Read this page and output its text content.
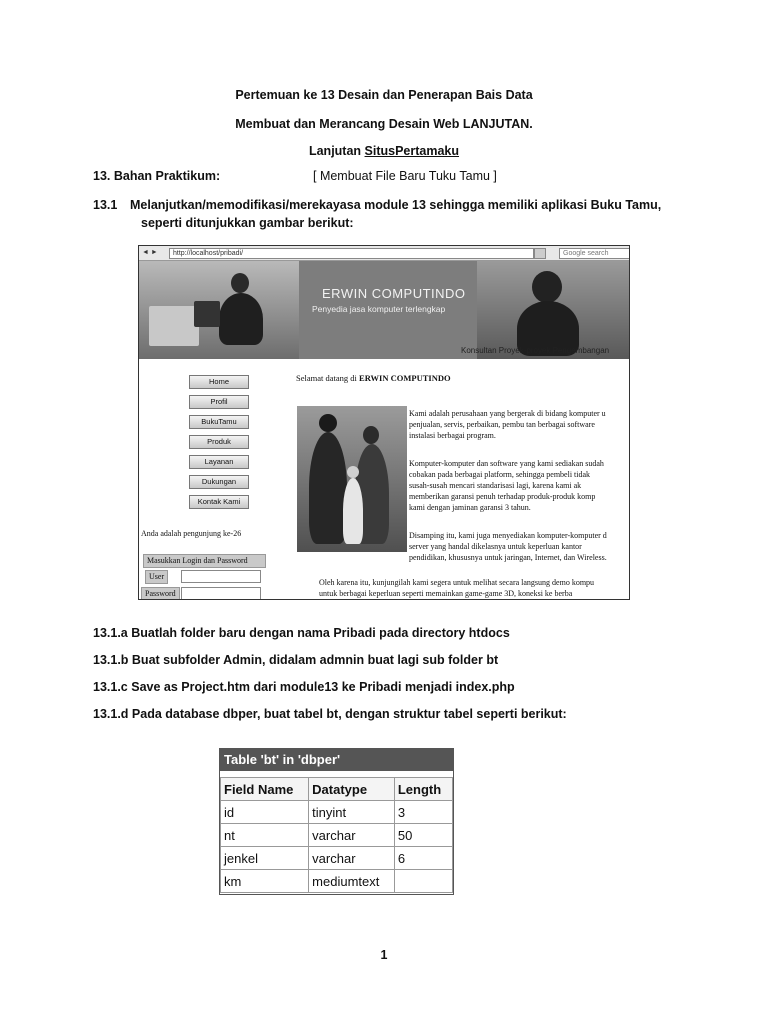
Pertemuan ke 13 Desain dan Penerapan Bais Data
Membuat dan Merancang Desain Web LANJUTAN.
Lanjutan SitusPertamaku
13. Bahan Praktikum:	[ Membuat File Baru Tuku Tamu ]
13.1 Melanjutkan/memodifikasi/merekayasa module 13 sehingga memiliki aplikasi Buku Tamu,
seperti ditunjukkan gambar berikut:
◄ ►	http://localhost/pribadi/	Google search
ERWIN COMPUTINDO
Penyedia jasa komputer terlengkap
Konsultan Proyek-proyek Pengembangan
Selamat datang di ERWIN COMPUTINDO
Home
Profil
BukuTamu
Produk
Layanan
Dukungan
Kontak Kami
Anda adalah pengunjung ke-26
Masukkan Login dan Password
User
Password
Kami adalah perusahaan yang bergerak di bidang komputer u
penjualan, servis, perbaikan, pembu tan berbagai software
instalasi berbagai program.
Komputer-komputer dan software yang kami sediakan sudah
cobakan pada berbagai platform, sehingga pembeli tidak
susah-susah mencari standarisasi lagi, karena kami ak
memberikan garansi penuh terhadap produk-produk komp
kami dengan jaminan garansi 3 tahun.
Disamping itu, kami juga menyediakan komputer-komputer d
server yang handal dikelasnya untuk keperluan kantor
pendidikan, khususnya untuk jaringan, Internet, dan Wireless.
Oleh karena itu, kunjungilah kami segera untuk melihat secara langsung demo kompu
untuk berbagai keperluan seperti memainkan game-game 3D, koneksi ke berba
13.1.a Buatlah folder baru dengan nama Pribadi pada directory htdocs
13.1.b Buat subfolder Admin, didalam admnin buat lagi sub folder bt
13.1.c Save as Project.htm dari module13 ke Pribadi menjadi index.php
13.1.d Pada database dbper, buat tabel bt, dengan struktur tabel seperti berikut:
Table 'bt' in 'dbper'
Field Name	Datatype	Length
id	tinyint	3
nt	varchar	50
jenkel	varchar	6
km	mediumtext	
1
